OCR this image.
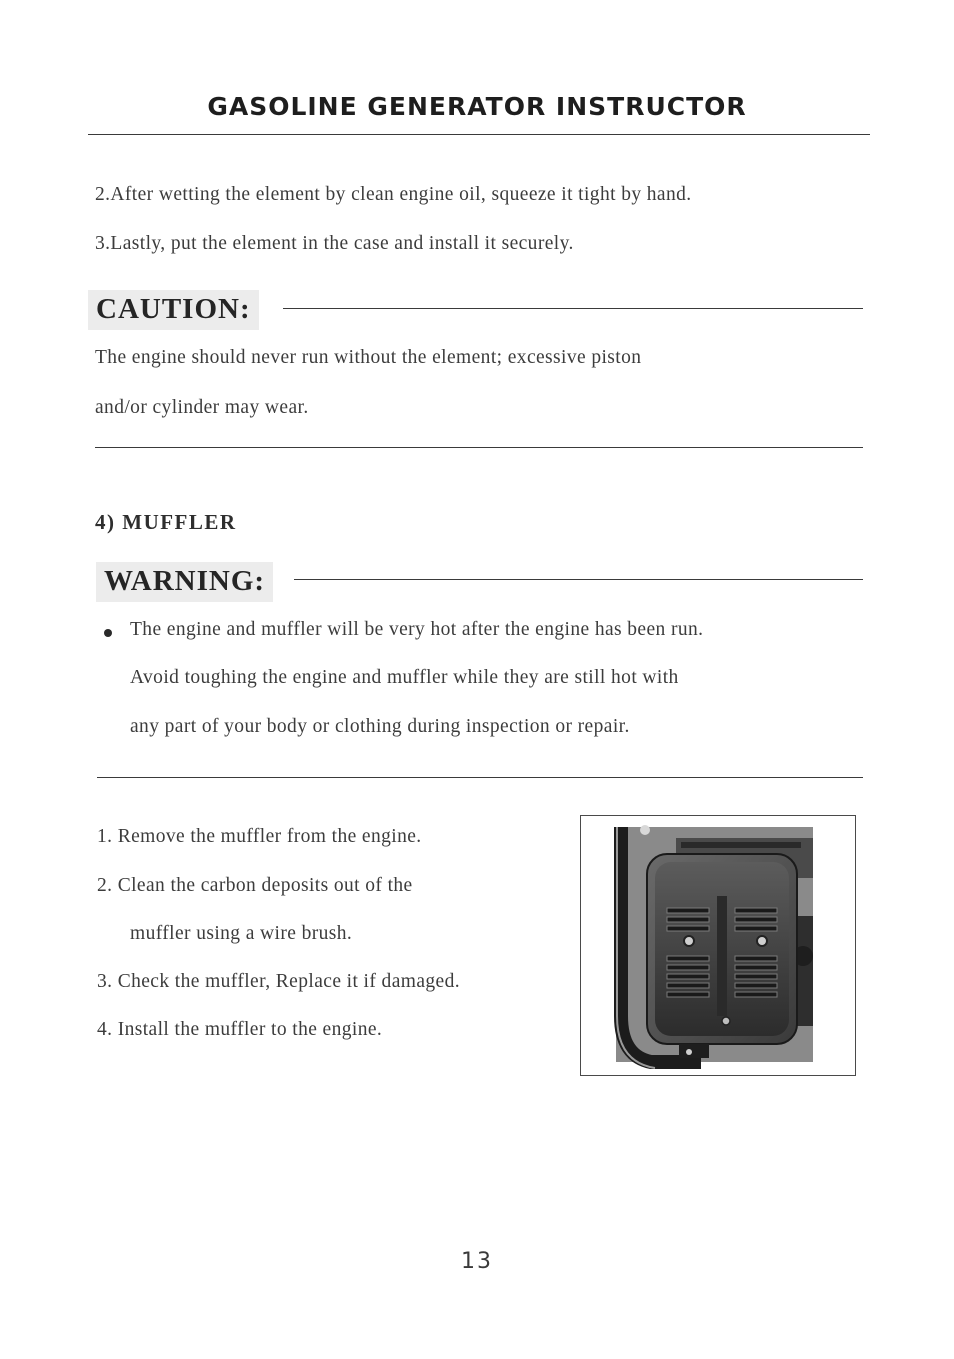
GASOLINE GENERATOR INSTRUCTOR
2.After wetting the element by clean engine oil, squeeze it tight by hand.
3.Lastly, put the element in the case and install it securely.
CAUTION:
The engine should never run without the element; excessive piston
and/or cylinder may wear.
4) MUFFLER
WARNING:
The engine and muffler will be very hot after the engine has been run.
Avoid toughing the engine and muffler while they are still hot with
any part of your body or clothing during inspection or repair.
1. Remove the muffler from the engine.
2. Clean the carbon deposits out of the
muffler using a wire brush.
3. Check the muffler, Replace it if damaged.
4. Install the muffler to the engine.
13
